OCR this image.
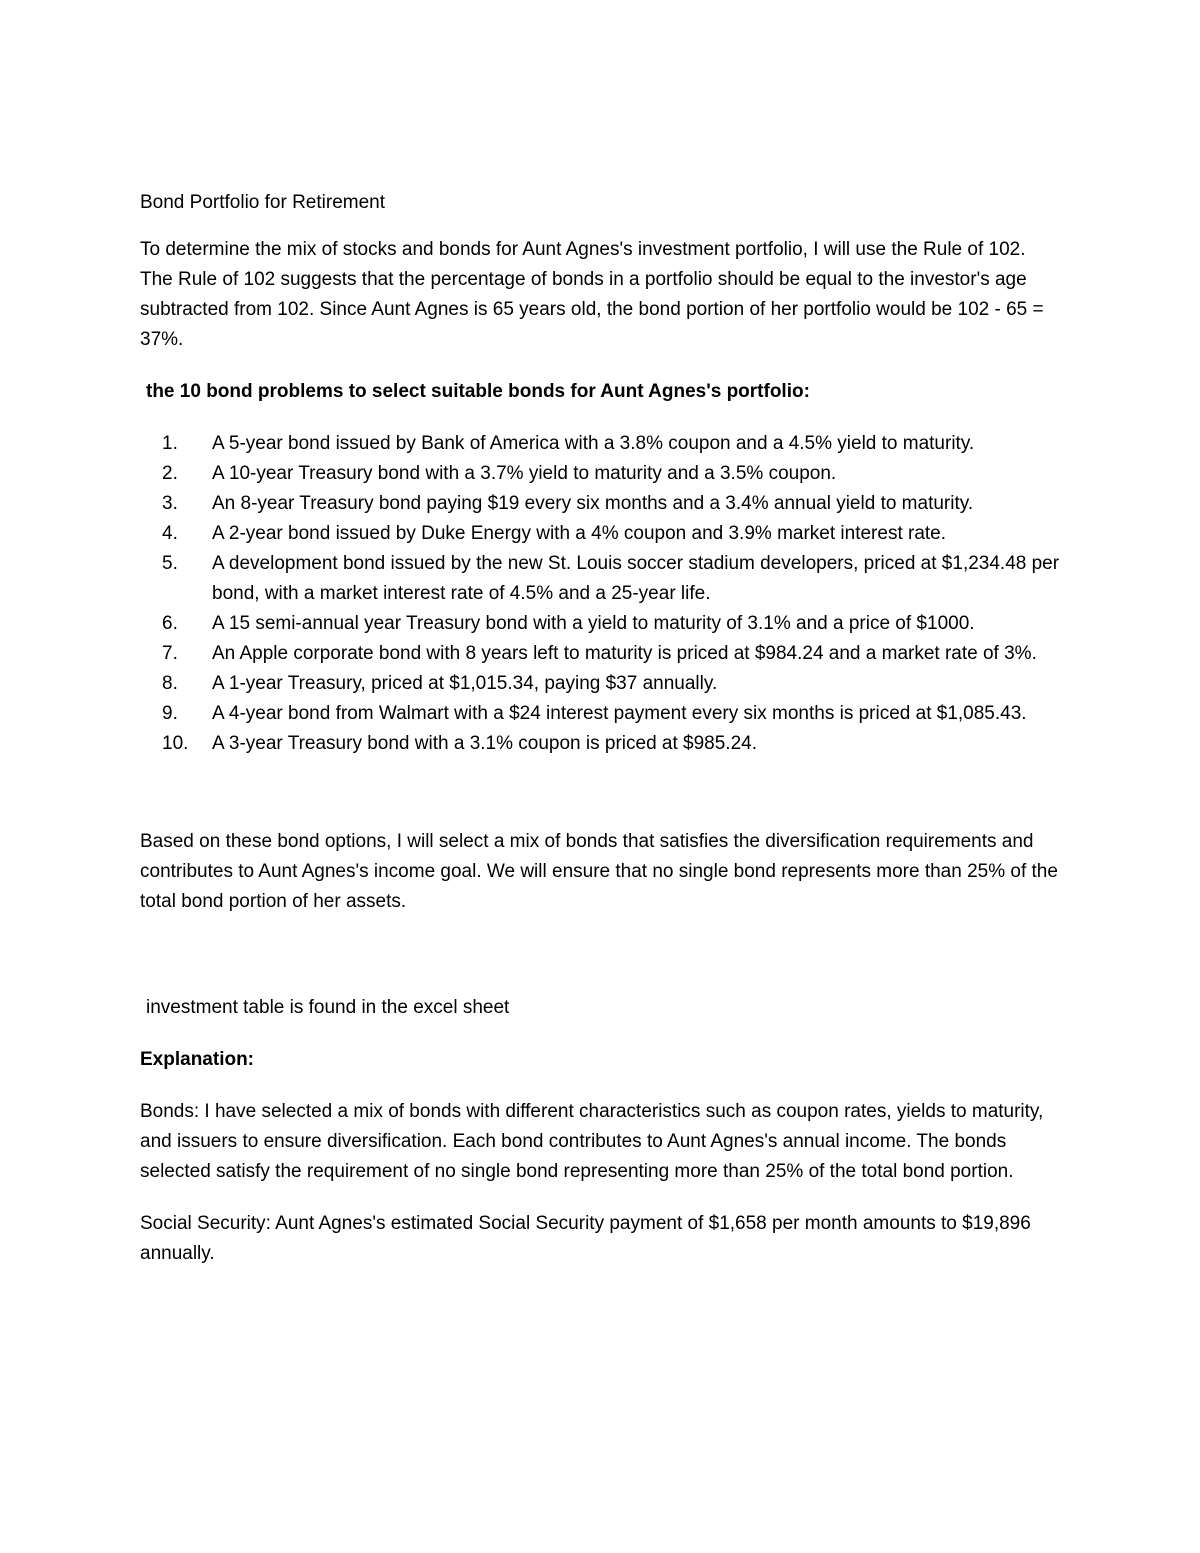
Bond Portfolio for Retirement
To determine the mix of stocks and bonds for Aunt Agnes's investment portfolio, I will use the Rule of 102. The Rule of 102 suggests that the percentage of bonds in a portfolio should be equal to the investor's age subtracted from 102. Since Aunt Agnes is 65 years old, the bond portion of her portfolio would be 102 - 65 = 37%.
the 10 bond problems to select suitable bonds for Aunt Agnes's portfolio:
1.	A 5-year bond issued by Bank of America with a 3.8% coupon and a 4.5% yield to maturity.
2.	A 10-year Treasury bond with a 3.7% yield to maturity and a 3.5% coupon.
3.	An 8-year Treasury bond paying $19 every six months and a 3.4% annual yield to maturity.
4.	A 2-year bond issued by Duke Energy with a 4% coupon and 3.9% market interest rate.
5.	A development bond issued by the new St. Louis soccer stadium developers, priced at $1,234.48 per bond, with a market interest rate of 4.5% and a 25-year life.
6.	A 15 semi-annual year Treasury bond with a yield to maturity of 3.1% and a price of $1000.
7.	An Apple corporate bond with 8 years left to maturity is priced at $984.24 and a market rate of 3%.
8.	A 1-year Treasury, priced at $1,015.34, paying $37 annually.
9.	A 4-year bond from Walmart with a $24 interest payment every six months is priced at $1,085.43.
10.	A 3-year Treasury bond with a 3.1% coupon is priced at $985.24.
Based on these bond options, I will select a mix of bonds that satisfies the diversification requirements and contributes to Aunt Agnes's income goal. We will ensure that no single bond represents more than 25% of the total bond portion of her assets.
investment table is found in the excel sheet
Explanation:
Bonds: I have selected a mix of bonds with different characteristics such as coupon rates, yields to maturity, and issuers to ensure diversification. Each bond contributes to Aunt Agnes's annual income. The bonds selected satisfy the requirement of no single bond representing more than 25% of the total bond portion.
Social Security: Aunt Agnes's estimated Social Security payment of $1,658 per month amounts to $19,896 annually.
